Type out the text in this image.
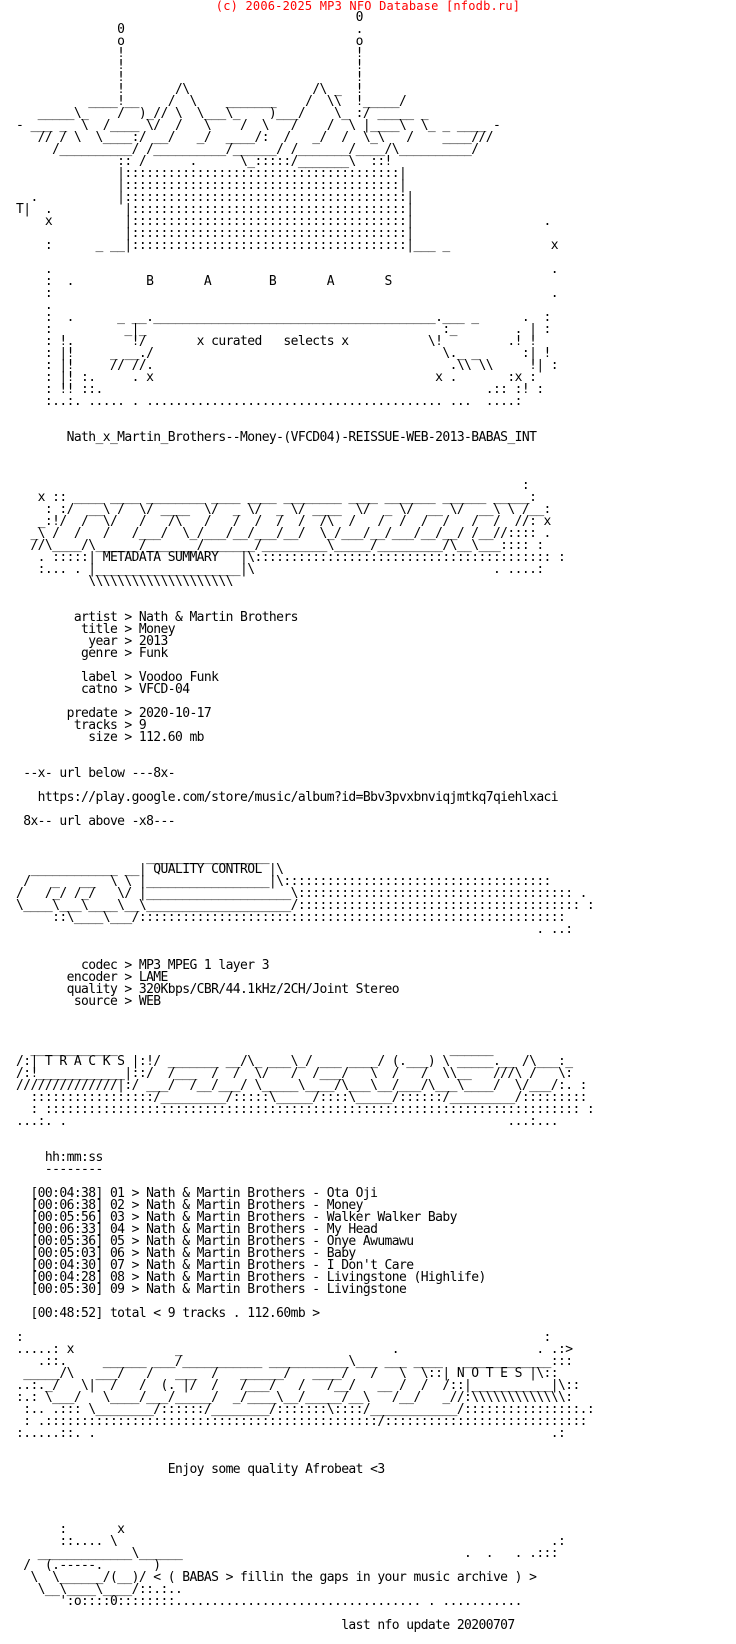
(c) 2006-2025 MP3 NFO Database [nfodb.ru]
0
0                                .
o                                o
!                                !
!                                !
!                                !
!       /\                 /\ _  !
____!__    /  \    _______    /  \\  !_____/
_____\_    /  )_// \  \___\_    )___/    \_ :/ _____ _
- ___ _  \  /____ \/  /   \    /  \   /    /  \ |____\  \_ _ ____ -
// / \  \____:/ __/   _/  ____/:  /   _/  /  \_\   /    ____///
/__________/ /__________/______/ /_______/____/\__________/
:: /      .      \_:::::/_______\  ::!
|::::::::::::::::::::::::::::::::::::::|
|::::::::::::::::::::::::::::::::::::::|
.           |:::::::::::::::::::::::::::::::::::::::|
T|  .          |::::::::::::::::::::::::::::::::::::::|
x          |::::::::::::::::::::::::::::::::::::::|                  .
|::::::::::::::::::::::::::::::::::::::|
:      _ __|::::::::::::::::::::::::::::::::::::::|___ _              x

.                                                                     .
:  .          B       A        B       A       S
:                                                                     .
.
:  .      _ __._______________________________________.___ _      .  :
:          _|_                                         :_        . | :
: !.        !/       x curated   selects x           \!         .! !
: |!     _ __./                                        \._ _      :| !
: |!     // //.                                         .\\ \\     !| :
: |! :.     . x                                       x .       :x :
: !! ::.                                                     .:: :! :
:..:. ..... . ......................................... ...  ....:

Nath_x_Martin_Brothers--Money-(VFCD04)-REISSUE-WEB-2013-BABAS_INT

:
x :: ____ ____ ________ ____ ____ ________ ____ _______ ______ _____:
: :/  __\ /  \/ ____  \/  _ \/  _ \/ ____  \/  _ \/  __ \/  __\ \ /__:
_:!/  /  \/   /   /\   /   /  /  /  /  /\  /   /  /  /  /   /  /  //: x
_\ /  /   /   /___/  \_/___/__/___/__/  \_/___/__/___/__/__/ /__//:::: .
//\____/\______/_______/_______/_________\_____/_________/\__\___:::: :
. :::::| METADATA SUMMARY   |\::::::::::::::::::::::::::::::::::::::::: :
:... . |____________________|\                                 . ....:
\\\\\\\\\\\\\\\\\\\\

artist > Nath & Martin Brothers
title > Money
year > 2013
genre > Funk

label > Voodoo Funk
catno > VFCD-04

predate > 2020-10-17
tracks > 9
size > 112.60 mb

--x- url below ---8x-

https://play.google.com/store/music/album?id=Bbv3pvxbnviqjmtkq7qiehlxaci

8x-- url above -x8---

_________________
____________ __| QUALITY CONTROL |\
/   _   __  \ \ |_________________|\:::::::::::::::::::::::::::::::::::::
/   /_/ /_/   \/ |____________________\:::::::::::::::::::::::::::::::::::::: .
\____\___\____\__\____________________/::::::::::::::::::::::::::::::::::::::: :
::\____\___/:::::::::::::::::::::::::::::::::::::::::::::::::::::::::::
. ..:

codec > MP3 MPEG 1 layer 3
encoder > LAME
quality > 320Kbps/CBR/44.1kHz/2CH/Joint Stereo
source > WEB

____________                                              ______
/:| T R A C K S |:!/ _______ __/\_ ___\_/ ___ ____/ (.___) \ _____.__ /\___:_
/:!____________|::/  /___  /  /  \/   /  /___/   \  /   /  \\__   ///\ /   \:
//////////////|:/ ___/  /__/___/ \_____\____/\___\__/___/\___\____/  \/___/:. :
:::::::::::::::::/_________/:::::\_____/::::\_____/::::::/_________/:::::::::
: :::::::::::::::::::::::::::::::::::::::::::::::::::::::::::::::::::::::::: :
...:. .                                                             ...:...

hh:mm:ss
--------

[00:04:38] 01 > Nath & Martin Brothers - Ota Oji
[00:06:38] 02 > Nath & Martin Brothers - Money
[00:05:56] 03 > Nath & Martin Brothers - Walker Walker Baby
[00:06:33] 04 > Nath & Martin Brothers - My Head
[00:05:36] 05 > Nath & Martin Brothers - Onye Awumawu
[00:05:03] 06 > Nath & Martin Brothers - Baby
[00:04:30] 07 > Nath & Martin Brothers - I Don't Care
[00:04:28] 08 > Nath & Martin Brothers - Livingstone (Highlife)
[00:05:30] 09 > Nath & Martin Brothers - Livingstone

[00:48:52] total < 9 tracks . 112.60mb >

:                                                                        :
.....: x              _                             .                   . .:>
.::.     ______ ___/___________ ___________\___ ___ ____   ____________:::
_____/\   ___/   /   ___  /   ______/   ____/   /   \  \::| N O T E S |\::
..:._/   \|  /   /  (. |/  /   /___/   /   /__/   __ /  /  /::|___________|\::
:.: \___/   \____/___/_____/  _/____\__/_____/__\   /__/   _//:\\\\\\\\\\\\\:
:.. .::: \________/::::::/________/:::::::\::::/____________/::::::::::::::::.:
: .::::::::::::::::::::::::::::::::::::::::::::::/::::::::::::::::::::::::::::
:.....::. .                                                               .:

Enjoy some quality Afrobeat <3

:       x
::.... \                                                            .:
_____________\______                                       .  .   . .:::
/  (.-----.       )
\  \______/(__)/ < ( BABAS > fillin the gaps in your music archive ) >
\__\____\____/::.:..
':o::::0::::::::.................................. . ...........

last nfo update 20200707
